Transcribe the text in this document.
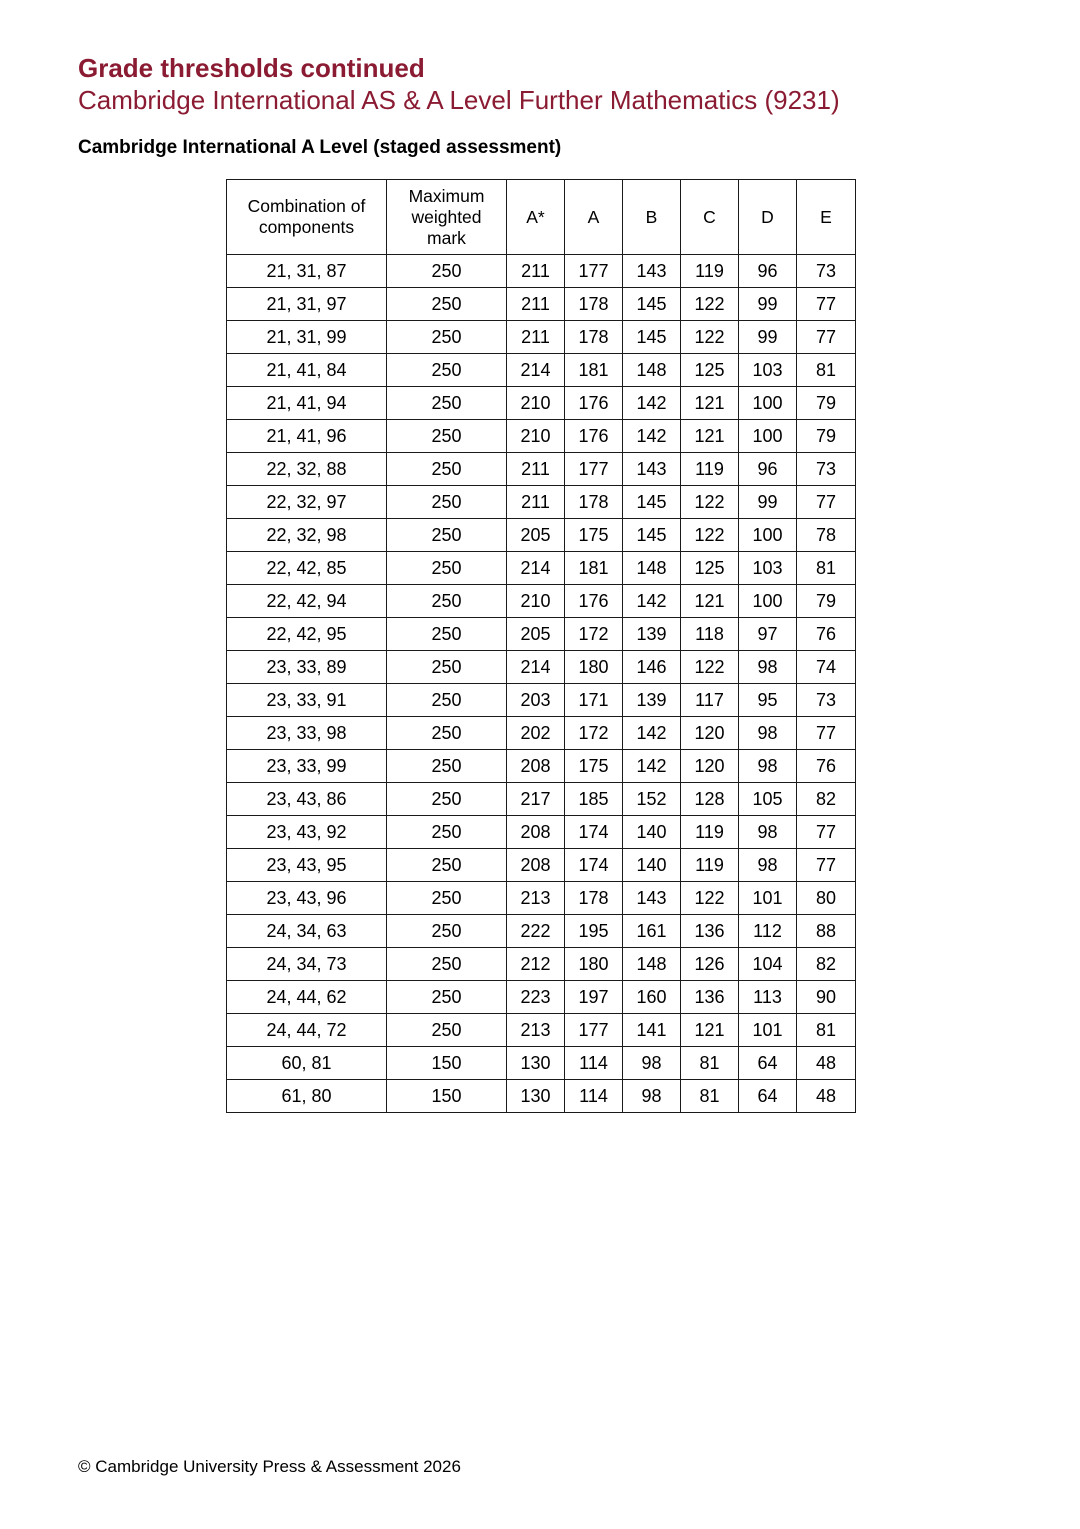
Grade thresholds continued
Cambridge International AS & A Level Further Mathematics (9231)
Cambridge International A Level (staged assessment)
Combination of components	Maximum weighted mark	A*	A	B	C	D	E
21, 31, 87	250	211	177	143	119	96	73
21, 31, 97	250	211	178	145	122	99	77
21, 31, 99	250	211	178	145	122	99	77
21, 41, 84	250	214	181	148	125	103	81
21, 41, 94	250	210	176	142	121	100	79
21, 41, 96	250	210	176	142	121	100	79
22, 32, 88	250	211	177	143	119	96	73
22, 32, 97	250	211	178	145	122	99	77
22, 32, 98	250	205	175	145	122	100	78
22, 42, 85	250	214	181	148	125	103	81
22, 42, 94	250	210	176	142	121	100	79
22, 42, 95	250	205	172	139	118	97	76
23, 33, 89	250	214	180	146	122	98	74
23, 33, 91	250	203	171	139	117	95	73
23, 33, 98	250	202	172	142	120	98	77
23, 33, 99	250	208	175	142	120	98	76
23, 43, 86	250	217	185	152	128	105	82
23, 43, 92	250	208	174	140	119	98	77
23, 43, 95	250	208	174	140	119	98	77
23, 43, 96	250	213	178	143	122	101	80
24, 34, 63	250	222	195	161	136	112	88
24, 34, 73	250	212	180	148	126	104	82
24, 44, 62	250	223	197	160	136	113	90
24, 44, 72	250	213	177	141	121	101	81
60, 81	150	130	114	98	81	64	48
61, 80	150	130	114	98	81	64	48

© Cambridge University Press & Assessment 2026
